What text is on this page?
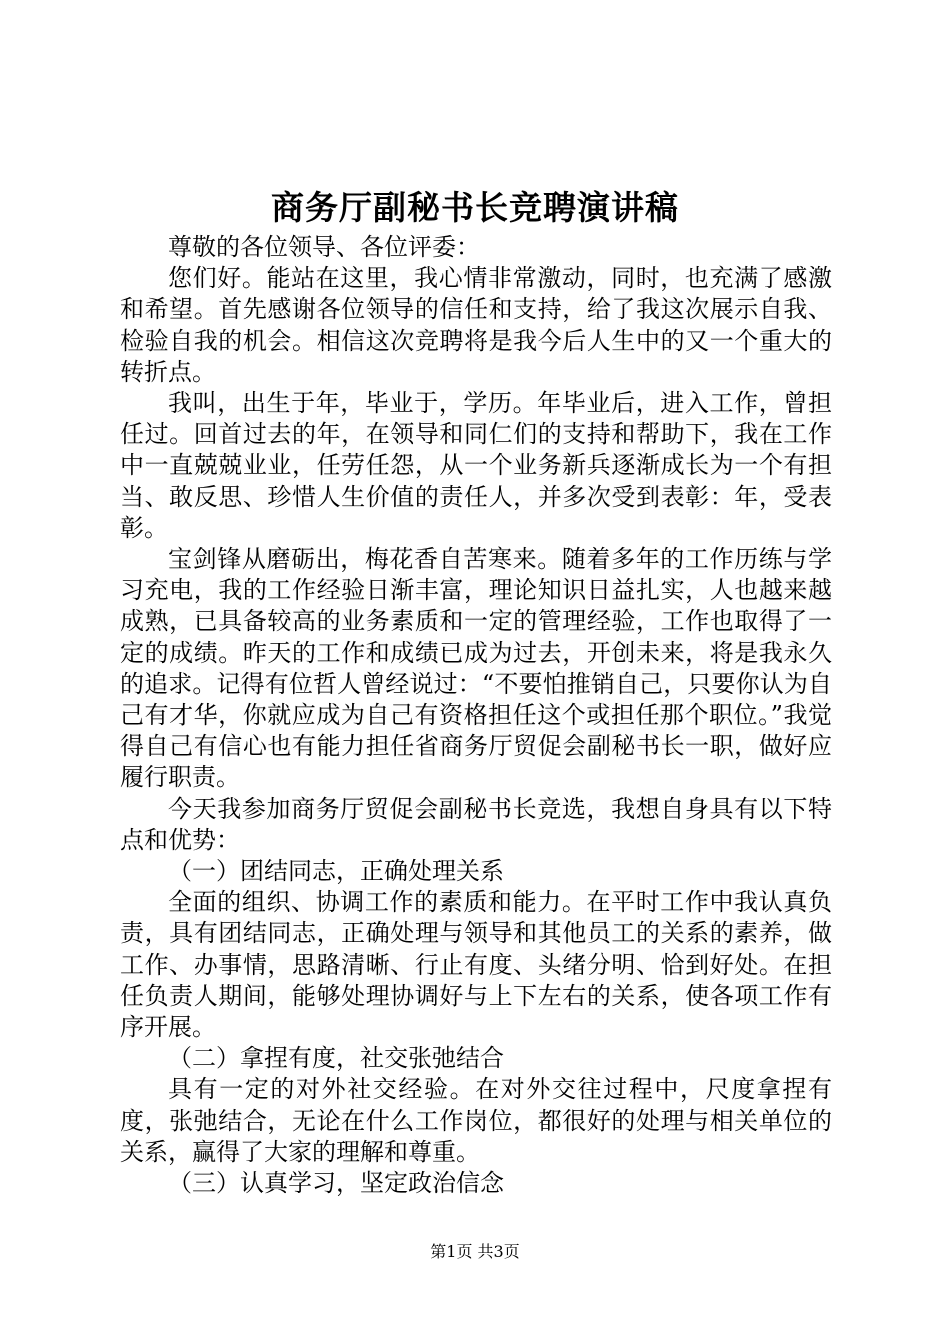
商务厅副秘书长竞聘演讲稿

尊敬的各位领导、各位评委：

您们好。能站在这里，我心情非常激动，同时，也充满了感激和希望。首先感谢各位领导的信任和支持，给了我这次展示自我、检验自我的机会。相信这次竞聘将是我今后人生中的又一个重大的转折点。

我叫，出生于年，毕业于，学历。年毕业后，进入工作，曾担任过。回首过去的年，在领导和同仁们的支持和帮助下，我在工作中一直兢兢业业，任劳任怨，从一个业务新兵逐渐成长为一个有担当、敢反思、珍惜人生价值的责任人，并多次受到表彰：年，受表彰。

宝剑锋从磨砺出，梅花香自苦寒来。随着多年的工作历练与学习充电，我的工作经验日渐丰富，理论知识日益扎实，人也越来越成熟，已具备较高的业务素质和一定的管理经验，工作也取得了一定的成绩。昨天的工作和成绩已成为过去，开创未来，将是我永久的追求。记得有位哲人曾经说过：“不要怕推销自己，只要你认为自己有才华，你就应成为自己有资格担任这个或担任那个职位。”我觉得自己有信心也有能力担任省商务厅贸促会副秘书长一职，做好应履行职责。

今天我参加商务厅贸促会副秘书长竞选，我想自身具有以下特点和优势：

（一）团结同志，正确处理关系

全面的组织、协调工作的素质和能力。在平时工作中我认真负责，具有团结同志，正确处理与领导和其他员工的关系的素养，做工作、办事情，思路清晰、行止有度、头绪分明、恰到好处。在担任负责人期间，能够处理协调好与上下左右的关系，使各项工作有序开展。

（二）拿捏有度，社交张弛结合

具有一定的对外社交经验。在对外交往过程中，尺度拿捏有度，张弛结合，无论在什么工作岗位，都很好的处理与相关单位的关系，赢得了大家的理解和尊重。

（三）认真学习，坚定政治信念

第1页 共3页
